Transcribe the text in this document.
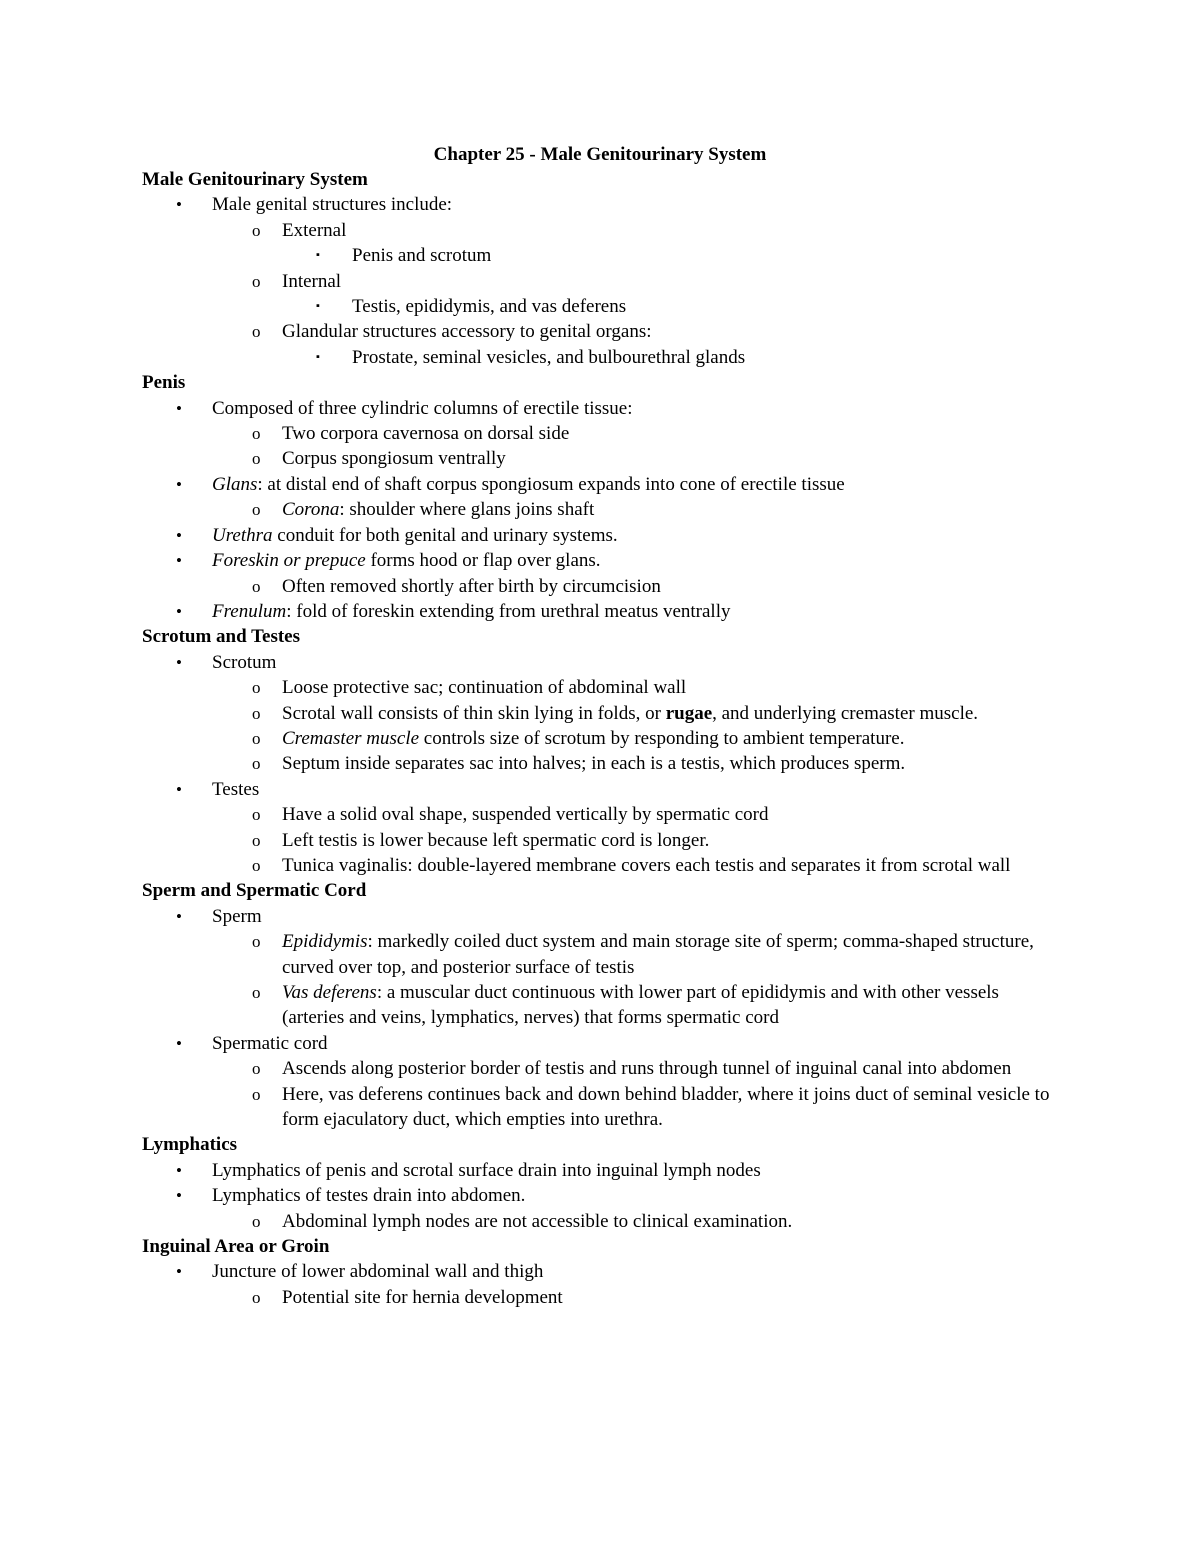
Chapter 25 - Male Genitourinary System
Male Genitourinary System
• Male genital structures include:
o External
▪ Penis and scrotum
o Internal
▪ Testis, epididymis, and vas deferens
o Glandular structures accessory to genital organs:
▪ Prostate, seminal vesicles, and bulbourethral glands
Penis
• Composed of three cylindric columns of erectile tissue:
o Two corpora cavernosa on dorsal side
o Corpus spongiosum ventrally
• Glans: at distal end of shaft corpus spongiosum expands into cone of erectile tissue
o Corona: shoulder where glans joins shaft
• Urethra conduit for both genital and urinary systems.
• Foreskin or prepuce forms hood or flap over glans.
o Often removed shortly after birth by circumcision
• Frenulum: fold of foreskin extending from urethral meatus ventrally
Scrotum and Testes
• Scrotum
o Loose protective sac; continuation of abdominal wall
o Scrotal wall consists of thin skin lying in folds, or rugae, and underlying cremaster muscle.
o Cremaster muscle controls size of scrotum by responding to ambient temperature.
o Septum inside separates sac into halves; in each is a testis, which produces sperm.
• Testes
o Have a solid oval shape, suspended vertically by spermatic cord
o Left testis is lower because left spermatic cord is longer.
o Tunica vaginalis: double-layered membrane covers each testis and separates it from scrotal wall
Sperm and Spermatic Cord
• Sperm
o Epididymis: markedly coiled duct system and main storage site of sperm; comma-shaped structure, curved over top, and posterior surface of testis
o Vas deferens: a muscular duct continuous with lower part of epididymis and with other vessels (arteries and veins, lymphatics, nerves) that forms spermatic cord
• Spermatic cord
o Ascends along posterior border of testis and runs through tunnel of inguinal canal into abdomen
o Here, vas deferens continues back and down behind bladder, where it joins duct of seminal vesicle to form ejaculatory duct, which empties into urethra.
Lymphatics
• Lymphatics of penis and scrotal surface drain into inguinal lymph nodes
• Lymphatics of testes drain into abdomen.
o Abdominal lymph nodes are not accessible to clinical examination.
Inguinal Area or Groin
• Juncture of lower abdominal wall and thigh
o Potential site for hernia development
